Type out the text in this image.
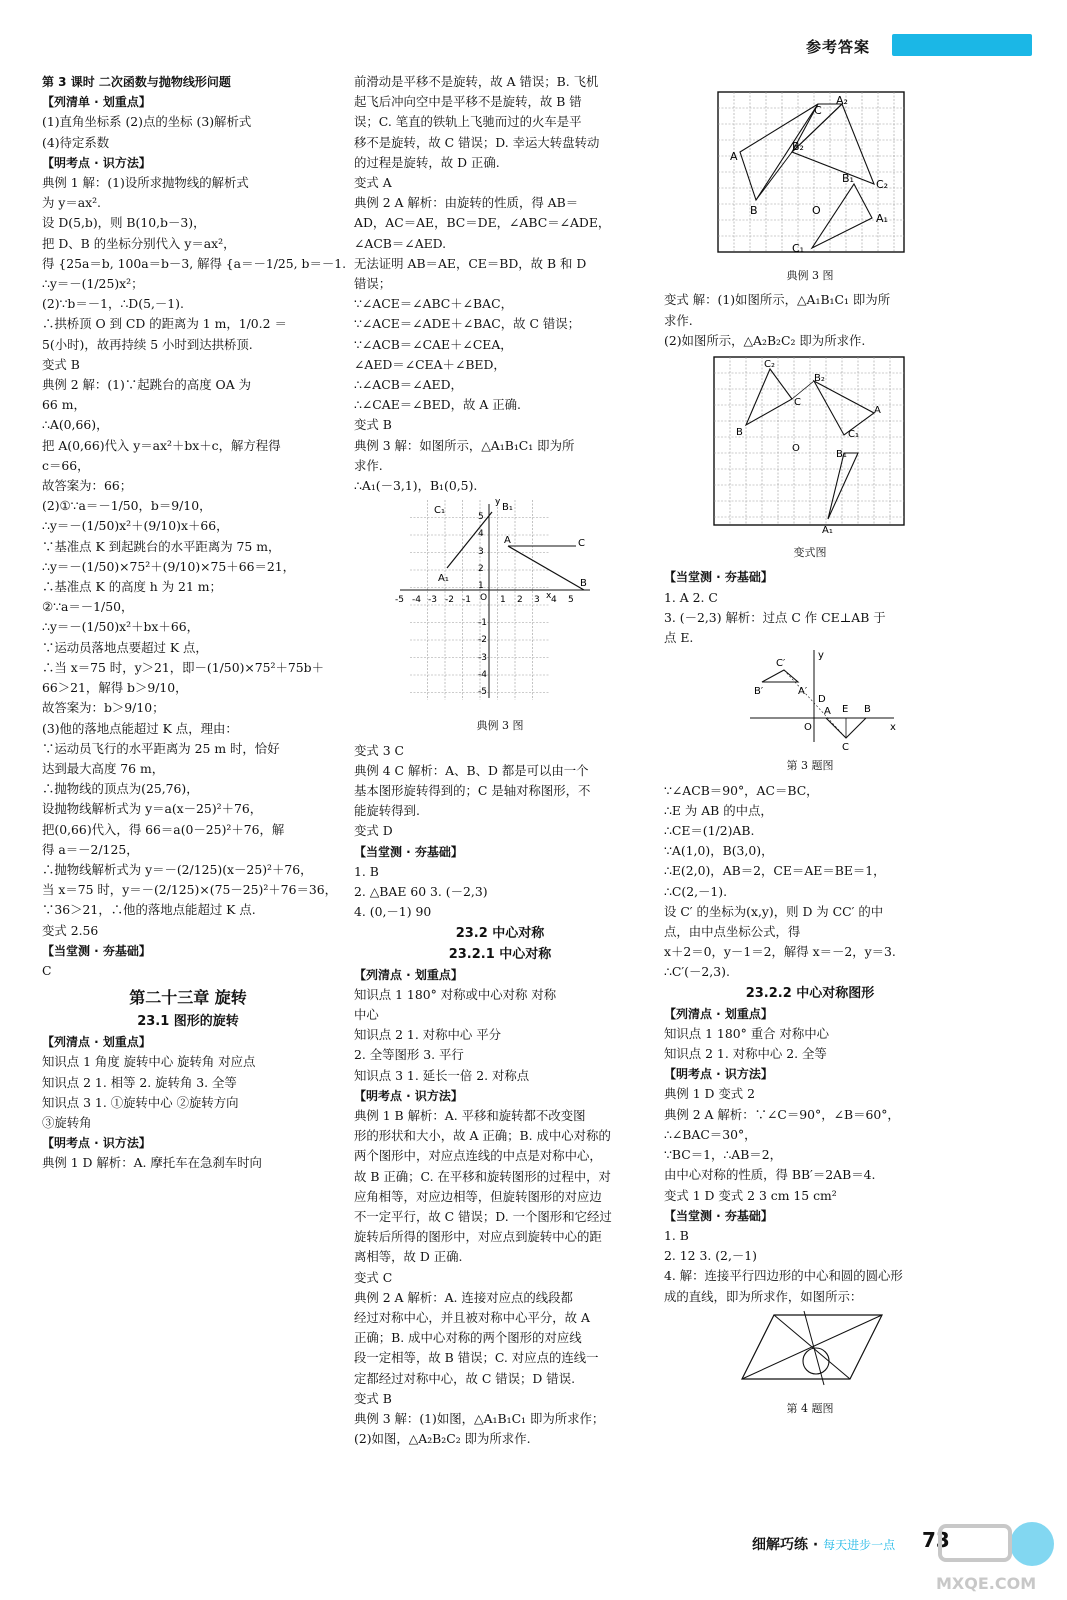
参考答案

第 3 课时 二次函数与抛物线形问题

【列清单 · 划重点】

(1)直角坐标系 (2)点的坐标 (3)解析式

(4)待定系数

【明考点 · 识方法】

典例 1 解：(1)设所求抛物线的解析式

为 y＝ax².

设 D(5,b)，则 B(10,b－3)，

把 D、B 的坐标分别代入 y＝ax²，

得 {25a＝b, 100a＝b－3, 解得 {a＝－1/25, b＝－1.

∴y＝－(1/25)x²；

(2)∵b＝－1，∴D(5,－1).

∴拱桥顶 O 到 CD 的距离为 1 m，1/0.2 ＝

5(小时)，故再持续 5 小时到达拱桥顶.

变式 B

典例 2 解：(1)∵起跳台的高度 OA 为

66 m，

∴A(0,66)，

把 A(0,66)代入 y＝ax²＋bx＋c，解方程得

c＝66，

故答案为：66；

(2)①∵a＝－1/50，b＝9/10，

∴y＝－(1/50)x²＋(9/10)x＋66，

∵基准点 K 到起跳台的水平距离为 75 m，

∴y＝－(1/50)×75²＋(9/10)×75＋66＝21，

∴基准点 K 的高度 h 为 21 m；

②∵a＝－1/50，

∴y＝－(1/50)x²＋bx＋66，

∵运动员落地点要超过 K 点，

∴当 x＝75 时，y＞21，即－(1/50)×75²＋75b＋

66＞21，解得 b＞9/10，

故答案为：b＞9/10；

(3)他的落地点能超过 K 点，理由：

∵运动员飞行的水平距离为 25 m 时，恰好

达到最大高度 76 m，

∴抛物线的顶点为(25,76)，

设抛物线解析式为 y＝a(x－25)²＋76，

把(0,66)代入，得 66＝a(0－25)²＋76，解

得 a＝－2/125，

∴抛物线解析式为 y＝－(2/125)(x－25)²＋76，

当 x＝75 时，y＝－(2/125)×(75－25)²＋76＝36，

∵36＞21，∴他的落地点能超过 K 点.

变式 2.56

【当堂测 · 夯基础】

C

第二十三章 旋转

23.1 图形的旋转

【列清点 · 划重点】

知识点 1 角度 旋转中心 旋转角 对应点

知识点 2 1. 相等 2. 旋转角 3. 全等

知识点 3 1. ①旋转中心 ②旋转方向

③旋转角

【明考点 · 识方法】

典例 1 D 解析：A. 摩托车在急刹车时向

前滑动是平移不是旋转，故 A 错误；B. 飞机

起飞后冲向空中是平移不是旋转，故 B 错

误；C. 笔直的铁轨上飞驰而过的火车是平

移不是旋转，故 C 错误；D. 幸运大转盘转动

的过程是旋转，故 D 正确.

变式 A

典例 2 A 解析：由旋转的性质，得 AB＝

AD，AC＝AE，BC＝DE，∠ABC＝∠ADE，

∠ACB＝∠AED.

无法证明 AB＝AE，CE＝BD，故 B 和 D

错误；

∵∠ACE＝∠ABC＋∠BAC，

∵∠ACE＝∠ADE＋∠BAC，故 C 错误；

∵∠ACB＝∠CAE＋∠CEA，

∠AED＝∠CEA＋∠BED，

∴∠ACB＝∠AED，

∴∠CAE＝∠BED，故 A 正确.

变式 B

典例 3 解：如图所示，△A₁B₁C₁ 即为所

求作.

∴A₁(－3,1)，B₁(0,5).

C₁	B₁
y
A	C
A₁	B
x
-5 -4 -3 -2 -1	1 2 3 4 5
5
4
3
2
1
-1
-2
-3
-4
-5
O
典例 3 图

变式 3 C

典例 4 C 解析：A、B、D 都是可以由一个

基本图形旋转得到的；C 是轴对称图形，不

能旋转得到.

变式 D

【当堂测 · 夯基础】

1. B

2. △BAE 60 3. (－2,3)

4. (0,－1) 90

23.2 中心对称

23.2.1 中心对称

【列清点 · 划重点】

知识点 1 180° 对称或中心对称 对称

中心

知识点 2 1. 对称中心 平分

2. 全等图形 3. 平行

知识点 3 1. 延长一倍 2. 对称点

【明考点 · 识方法】

典例 1 B 解析：A. 平移和旋转都不改变图

形的形状和大小，故 A 正确；B. 成中心对称的

两个图形中，对应点连线的中点是对称中心，

故 B 正确；C. 在平移和旋转图形的过程中，对

应角相等，对应边相等，但旋转图形的对应边

不一定平行，故 C 错误；D. 一个图形和它经过

旋转后所得的图形中，对应点到旋转中心的距

离相等，故 D 正确.

变式 C

典例 2 A 解析：A. 连接对应点的线段都

经过对称中心，并且被对称中心平分，故 A

正确；B. 成中心对称的两个图形的对应线

段一定相等，故 B 错误；C. 对应点的连线一

定都经过对称中心，故 C 错误；D 错误.

变式 B

典例 3 解：(1)如图，△A₁B₁C₁ 即为所求作；

(2)如图，△A₂B₂C₂ 即为所求作.

C
A₂
A
B₂
C₂
B	O
B₁
A₁
C₁
典例 3 图

变式 解：(1)如图所示，△A₁B₁C₁ 即为所

求作.

(2)如图所示，△A₂B₂C₂ 即为所求作.

C₂
B₂
C
A
B	C₁
O
B₁
A₁
变式图

【当堂测 · 夯基础】

1. A 2. C

3. (－2,3) 解析：过点 C 作 CE⊥AB 于

点 E.

C′
y
B′	A′
D
A E B
O	x
C
第 3 题图

∵∠ACB＝90°，AC＝BC，

∴E 为 AB 的中点，

∴CE＝(1/2)AB.

∵A(1,0)，B(3,0)，

∴E(2,0)，AB＝2，CE＝AE＝BE＝1，

∴C(2,－1).

设 C′ 的坐标为(x,y)，则 D 为 CC′ 的中

点，由中点坐标公式，得

x＋2＝0，y－1＝2，解得 x＝－2，y＝3.

∴C′(－2,3).

23.2.2 中心对称图形

【列清点 · 划重点】

知识点 1 180° 重合 对称中心

知识点 2 1. 对称中心 2. 全等

【明考点 · 识方法】

典例 1 D 变式 2

典例 2 A 解析：∵∠C＝90°，∠B＝60°，

∴∠BAC＝30°，

∵BC＝1，∴AB＝2，

由中心对称的性质，得 BB′＝2AB＝4.

变式 1 D 变式 2 3 cm 15 cm²

【当堂测 · 夯基础】

1. B

2. 12 3. (2,－1)

4. 解：连接平行四边形的中心和圆的圆心形

成的直线，即为所求作，如图所示：

第 4 题图
细解巧练 · 每天进步一点 73
MXQE.COM
